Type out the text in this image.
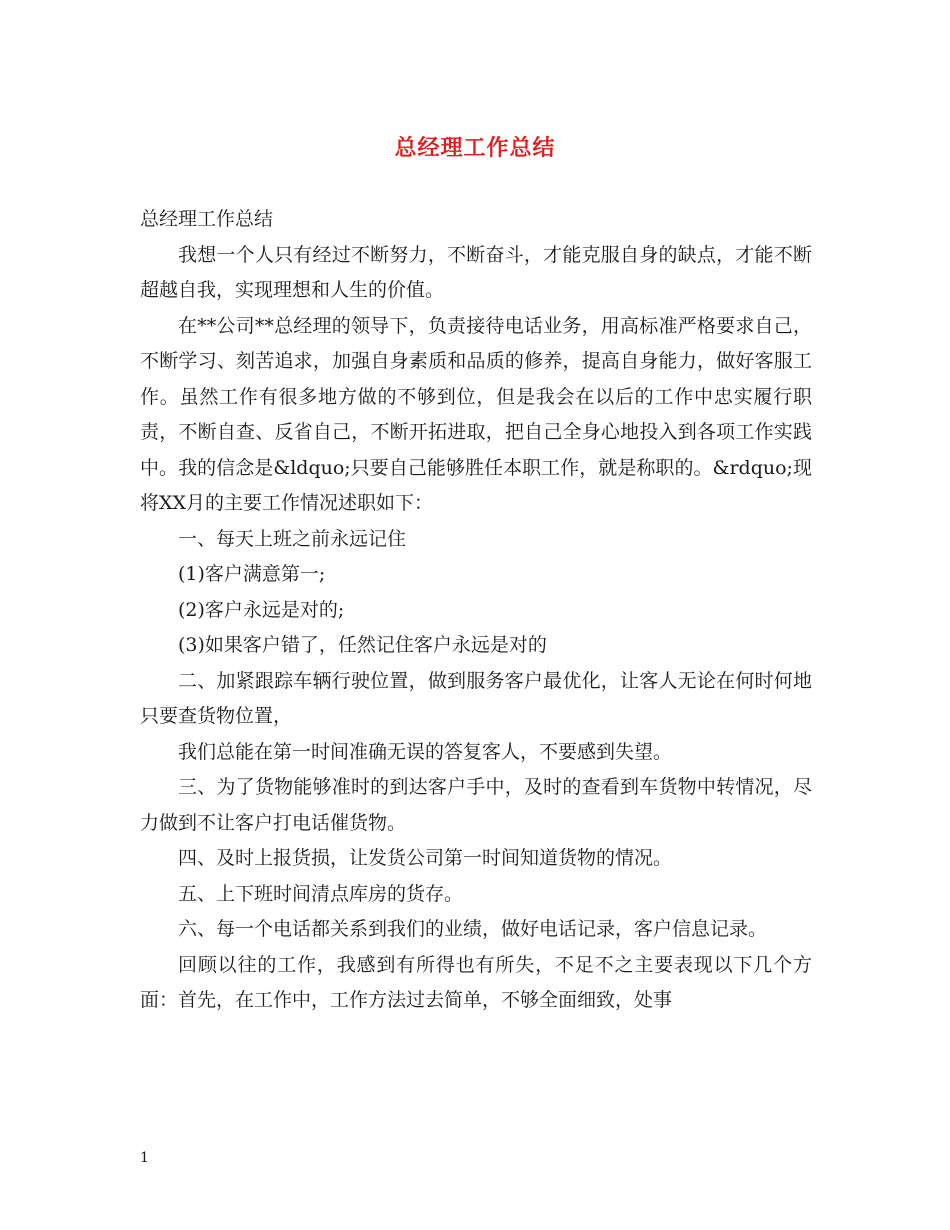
总经理工作总结

总经理工作总结

我想一个人只有经过不断努力，不断奋斗，才能克服自身的缺点，才能不断超越自我，实现理想和人生的价值。

在**公司**总经理的领导下，负责接待电话业务，用高标准严格要求自己，不断学习、刻苦追求，加强自身素质和品质的修养，提高自身能力，做好客服工作。虽然工作有很多地方做的不够到位，但是我会在以后的工作中忠实履行职责，不断自查、反省自己，不断开拓进取，把自己全身心地投入到各项工作实践中。我的信念是&ldquo;只要自己能够胜任本职工作，就是称职的。&rdquo;现将XX月的主要工作情况述职如下：

一、每天上班之前永远记住

(1)客户满意第一;

(2)客户永远是对的;

(3)如果客户错了，任然记住客户永远是对的

二、加紧跟踪车辆行驶位置，做到服务客户最优化，让客人无论在何时何地只要查货物位置，

我们总能在第一时间准确无误的答复客人，不要感到失望。

三、为了货物能够准时的到达客户手中，及时的查看到车货物中转情况，尽力做到不让客户打电话催货物。

四、及时上报货损，让发货公司第一时间知道货物的情况。

五、上下班时间清点库房的货存。

六、每一个电话都关系到我们的业绩，做好电话记录，客户信息记录。

回顾以往的工作，我感到有所得也有所失，不足不之主要表现以下几个方面：首先，在工作中，工作方法过去简单，不够全面细致，处事

1
